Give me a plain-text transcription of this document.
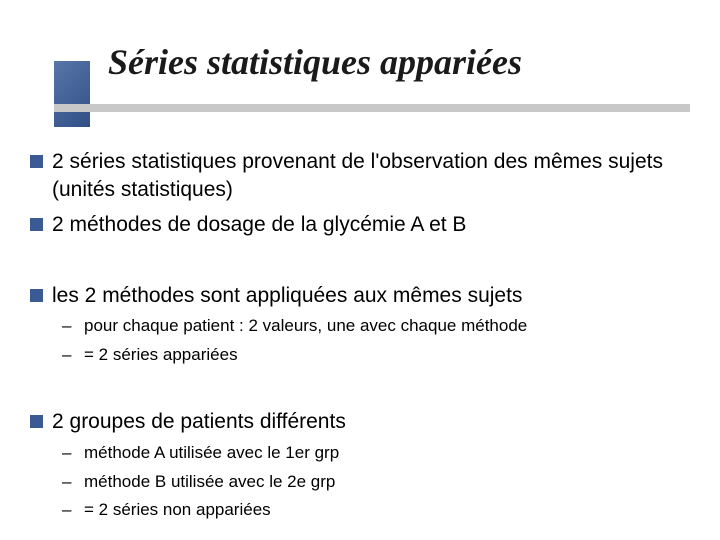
Séries statistiques appariées
2 séries statistiques provenant de l'observation des mêmes sujets (unités statistiques)
2 méthodes de dosage de la glycémie A et B
les 2 méthodes sont appliquées aux mêmes sujets
– pour chaque patient : 2 valeurs, une avec chaque méthode
– = 2 séries appariées
2 groupes de patients différents
– méthode A utilisée avec le 1er grp
– méthode B utilisée avec le 2e grp
– = 2 séries non appariées
